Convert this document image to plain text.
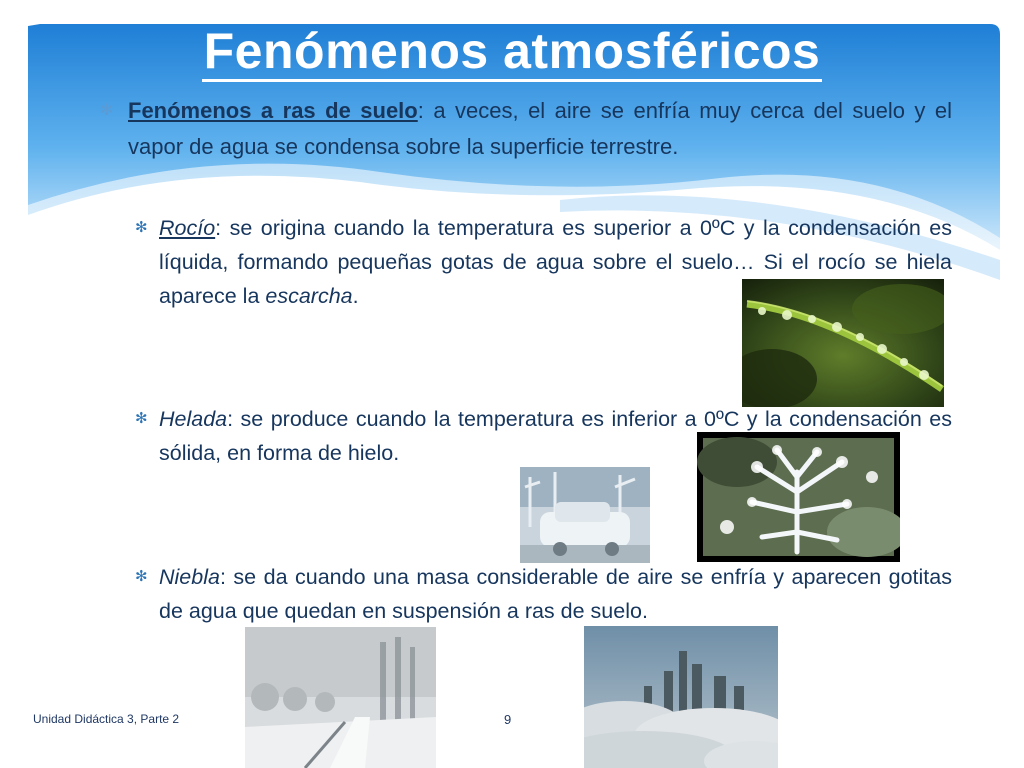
Fenómenos atmosféricos
✻ Fenómenos a ras de suelo: a veces, el aire se enfría muy cerca del suelo y el vapor de agua se condensa sobre la superficie terrestre.
✻ Rocío: se origina cuando la temperatura es superior a 0ºC y la condensación es líquida, formando pequeñas gotas de agua sobre el suelo… Si el rocío se hiela aparece la escarcha.
✻ Helada: se produce cuando la temperatura es inferior a 0ºC y la condensación es sólida, en forma de hielo.
✻ Niebla: se da cuando una masa considerable de aire se enfría y aparecen gotitas de agua que quedan en suspensión a ras de suelo.
Unidad Didáctica 3, Parte 2	9
